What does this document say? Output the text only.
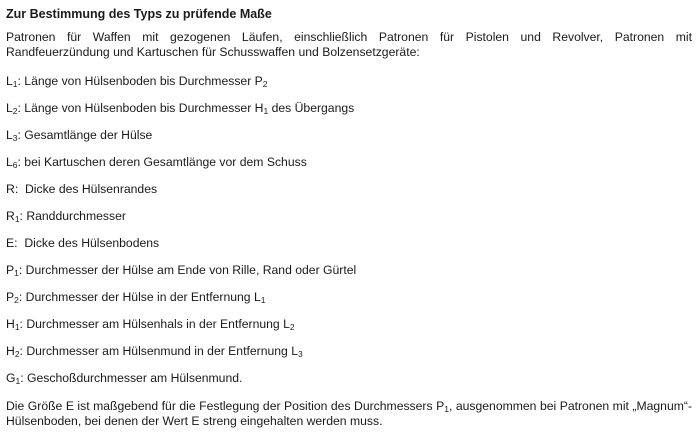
Zur Bestimmung des Typs zu prüfende Maße
Patronen für Waffen mit gezogenen Läufen, einschließlich Patronen für Pistolen und Revolver, Patronen mit Randfeuerzündung und Kartuschen für Schusswaffen und Bolzensetzgeräte:
$L_1$: Länge von Hülsenboden bis Durchmesser $P_2$
$L_2$: Länge von Hülsenboden bis Durchmesser $H_1$ des Übergangs
$L_3$: Gesamtlänge der Hülse
$L_6$: bei Kartuschen deren Gesamtlänge vor dem Schuss
R: Dicke des Hülsenrandes
$R_1$: Randdurchmesser
E: Dicke des Hülsenbodens
$P_1$: Durchmesser der Hülse am Ende von Rille, Rand oder Gürtel
$P_2$: Durchmesser der Hülse in der Entfernung $L_1$
$H_1$: Durchmesser am Hülsenhals in der Entfernung $L_2$
$H_2$: Durchmesser am Hülsenmund in der Entfernung $L_3$
$G_1$: Geschoßdurchmesser am Hülsenmund.
Die Größe E ist maßgebend für die Festlegung der Position des Durchmessers $P_1$, ausgenommen bei Patronen mit „Magnum“-Hülsenboden, bei denen der Wert E streng eingehalten werden muss.
